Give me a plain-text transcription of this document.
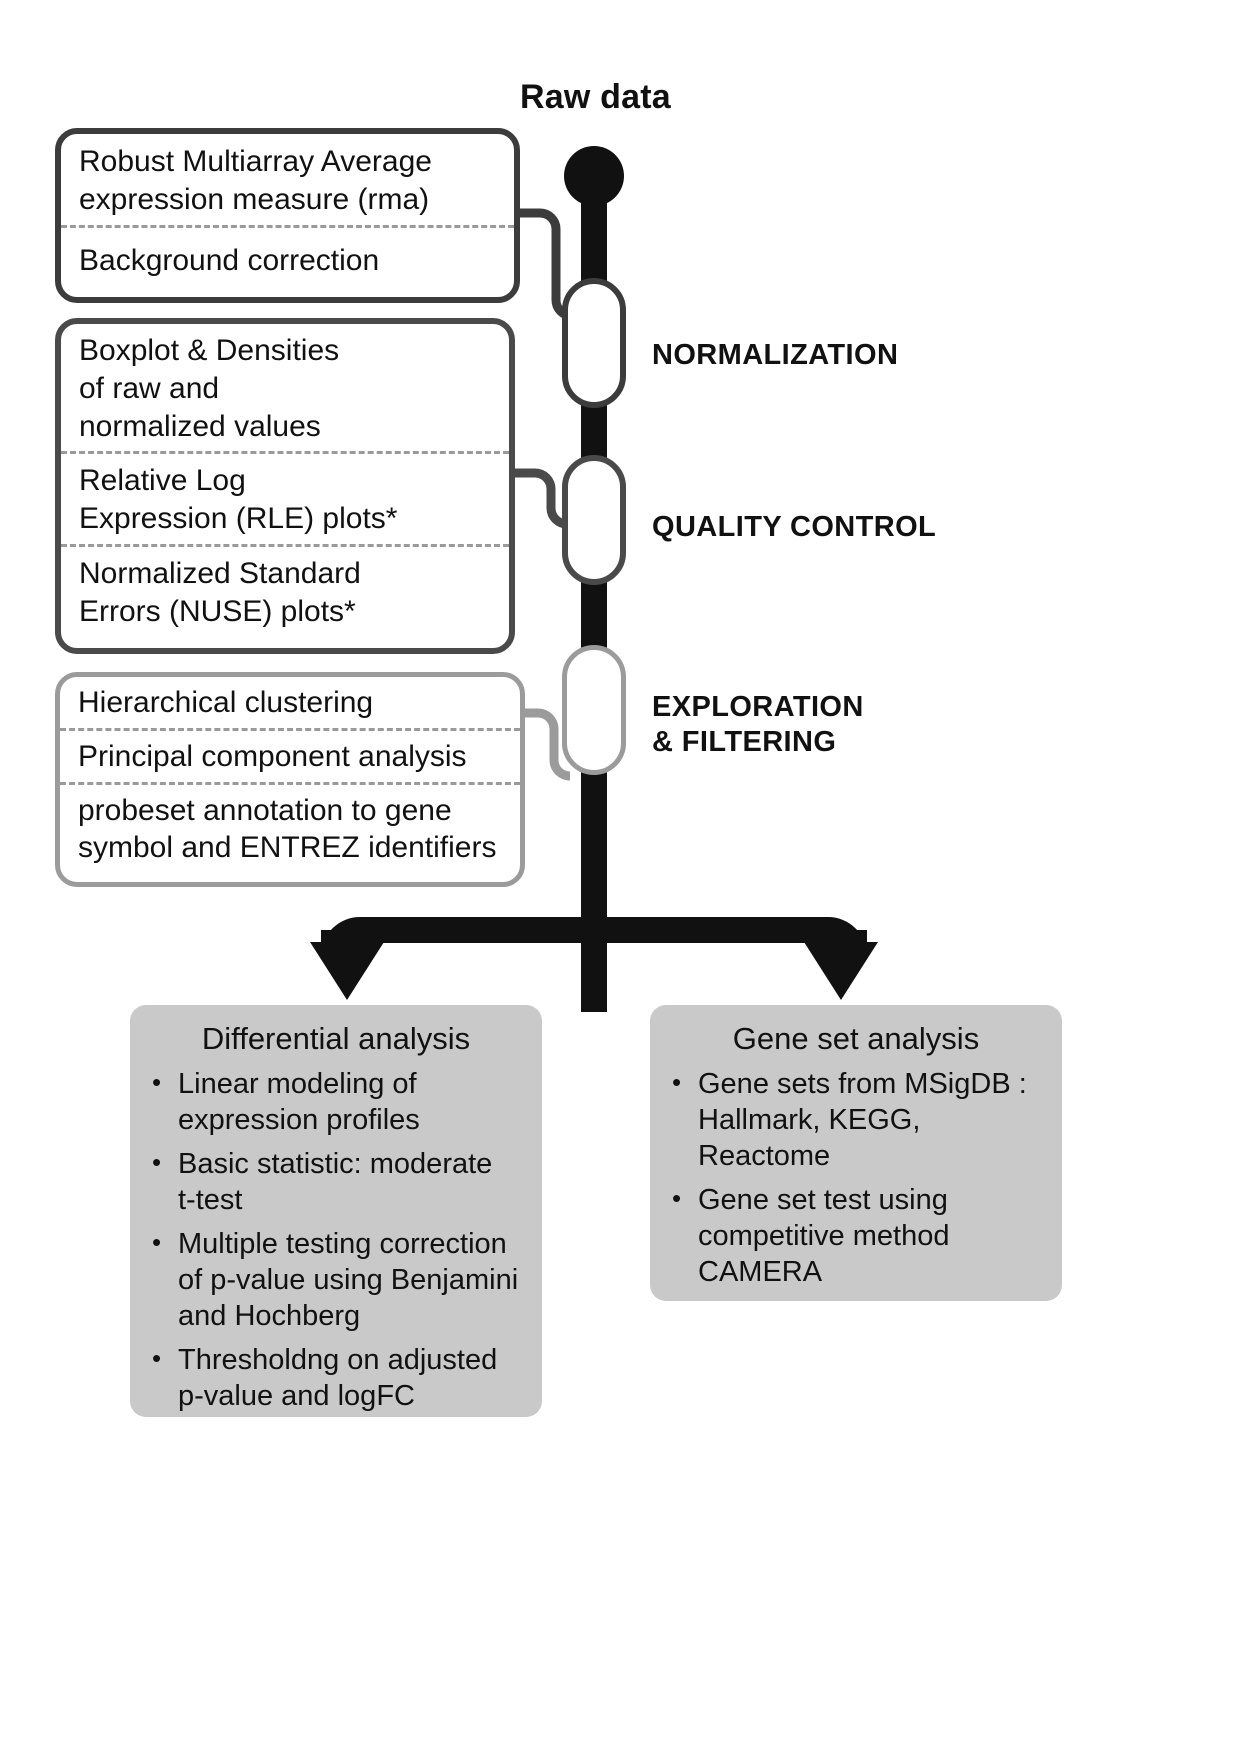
Raw data
NORMALIZATION
QUALITY CONTROL
EXPLORATION
& FILTERING
Robust Multiarray Average
expression measure (rma)
Background correction
Boxplot & Densities
of raw and
normalized values
Relative Log
Expression (RLE) plots*
Normalized Standard
Errors (NUSE) plots*
Hierarchical clustering
Principal component analysis
probeset annotation to gene
symbol and ENTREZ identifiers
Differential analysis
• Linear modeling of
expression profiles
• Basic statistic: moderate
t-test
• Multiple testing correction
of p-value using Benjamini
and Hochberg
• Thresholdng on adjusted
p-value and logFC
Gene set analysis
• Gene sets from MSigDB :
Hallmark, KEGG,
Reactome
• Gene set test using
competitive method
CAMERA
